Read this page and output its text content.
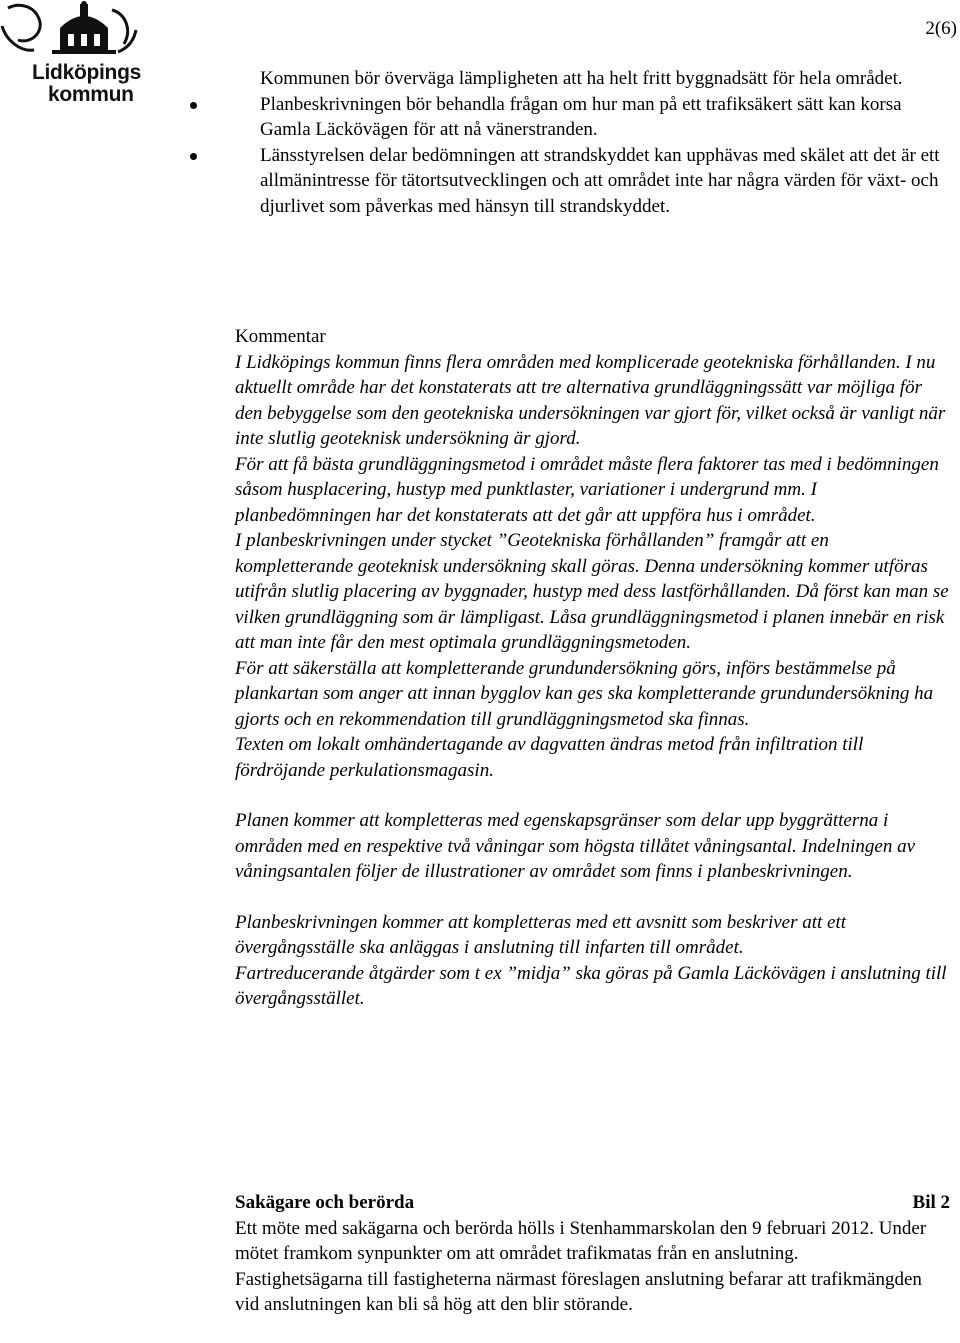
Lidköpings
kommun
2(6)
Kommunen bör överväga lämpligheten att ha helt fritt byggnadsätt för hela området.
Planbeskrivningen bör behandla frågan om hur man på ett trafiksäkert sätt kan korsa Gamla Läckövägen för att nå vänerstranden.
Länsstyrelsen delar bedömningen att strandskyddet kan upphävas med skälet att det är ett allmänintresse för tätortsutvecklingen och att området inte har några värden för växt- och djurlivet som påverkas med hänsyn till strandskyddet.
Kommentar

I Lidköpings kommun finns flera områden med komplicerade geotekniska förhållanden. I nu aktuellt område har det konstaterats att tre alternativa grundläggningssätt var möjliga för den bebyggelse som den geotekniska undersökningen var gjort för, vilket också är vanligt när inte slutlig geoteknisk undersökning är gjord.

För att få bästa grundläggningsmetod i området måste flera faktorer tas med i bedömningen såsom husplacering, hustyp med punktlaster, variationer i undergrund mm. I planbedömningen har det konstaterats att det går att uppföra hus i området.

I planbeskrivningen under stycket ”Geotekniska förhållanden” framgår att en kompletterande geoteknisk undersökning skall göras. Denna undersökning kommer utföras utifrån slutlig placering av byggnader, hustyp med dess lastförhållanden. Då först kan man se vilken grundläggning som är lämpligast. Låsa grundläggningsmetod i planen innebär en risk att man inte får den mest optimala grundläggningsmetoden.

För att säkerställa att kompletterande grundundersökning görs, införs bestämmelse på plankartan som anger att innan bygglov kan ges ska kompletterande grundundersökning ha gjorts och en rekommendation till grundläggningsmetod ska finnas.

Texten om lokalt omhändertagande av dagvatten ändras metod från infiltration till fördröjande perkulationsmagasin.

Planen kommer att kompletteras med egenskapsgränser som delar upp byggrätterna i områden med en respektive två våningar som högsta tillåtet våningsantal. Indelningen av våningsantalen följer de illustrationer av området som finns i planbeskrivningen.

Planbeskrivningen kommer att kompletteras med ett avsnitt som beskriver att ett övergångsställe ska anläggas i anslutning till infarten till området.

Fartreducerande åtgärder som t ex ”midja” ska göras på Gamla Läckövägen i anslutning till övergångsstället.

Sakägare och berörda	Bil 2

Ett möte med sakägarna och berörda hölls i Stenhammarskolan den 9 februari 2012. Under mötet framkom synpunkter om att området trafikmatas från en anslutning.

Fastighetsägarna till fastigheterna närmast föreslagen anslutning befarar att trafikmängden vid anslutningen kan bli så hög att den blir störande.
